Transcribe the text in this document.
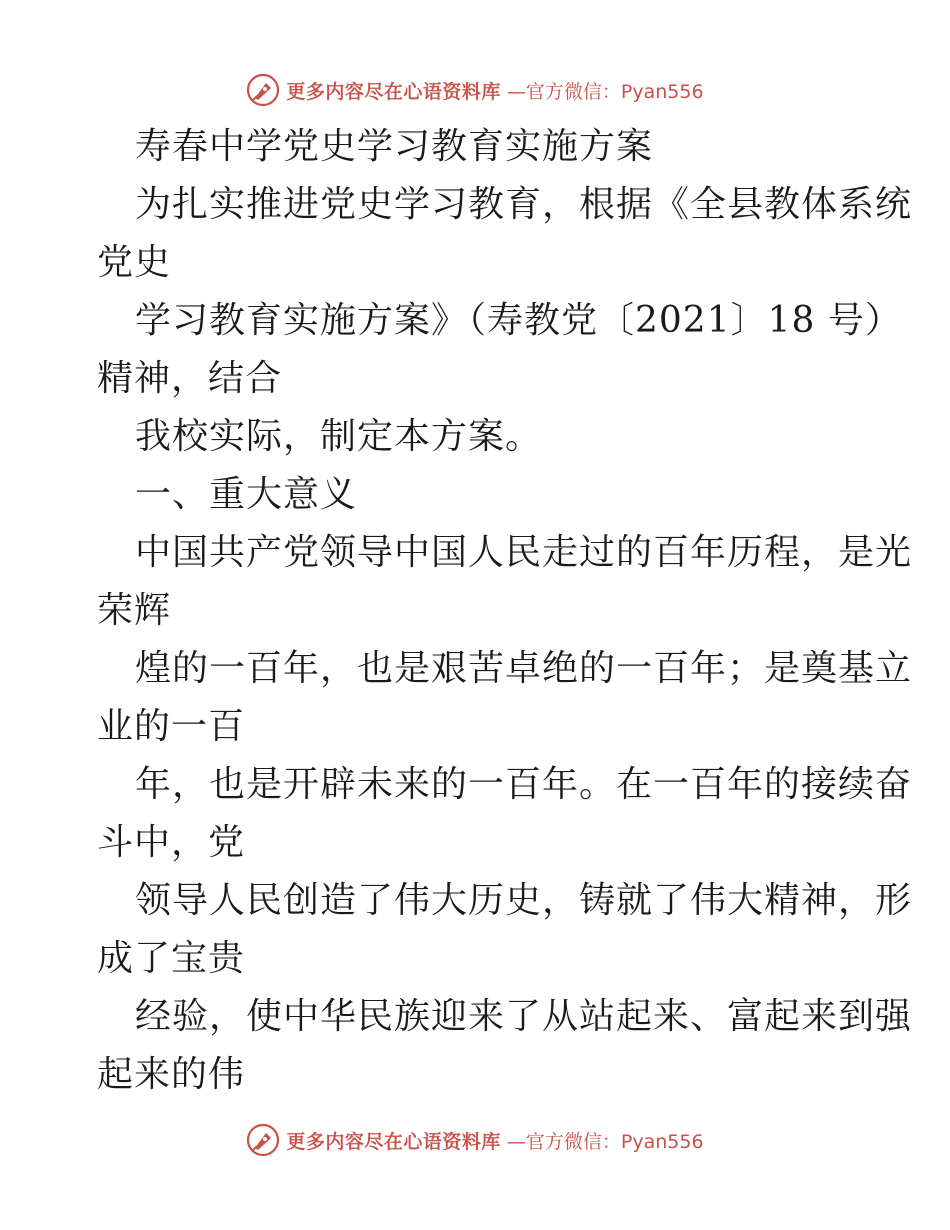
更多内容尽在心语资料库 —官方微信：Pyan556
寿春中学党史学习教育实施方案
为扎实推进党史学习教育，根据《全县教体系统
党史
学习教育实施方案》（寿教党〔2021〕18 号）
精神，结合
我校实际，制定本方案。
一、重大意义
中国共产党领导中国人民走过的百年历程，是光
荣辉
煌的一百年，也是艰苦卓绝的一百年；是奠基立
业的一百
年，也是开辟未来的一百年。在一百年的接续奋
斗中，党
领导人民创造了伟大历史，铸就了伟大精神，形
成了宝贵
经验，使中华民族迎来了从站起来、富起来到强
起来的伟
更多内容尽在心语资料库 —官方微信：Pyan556
